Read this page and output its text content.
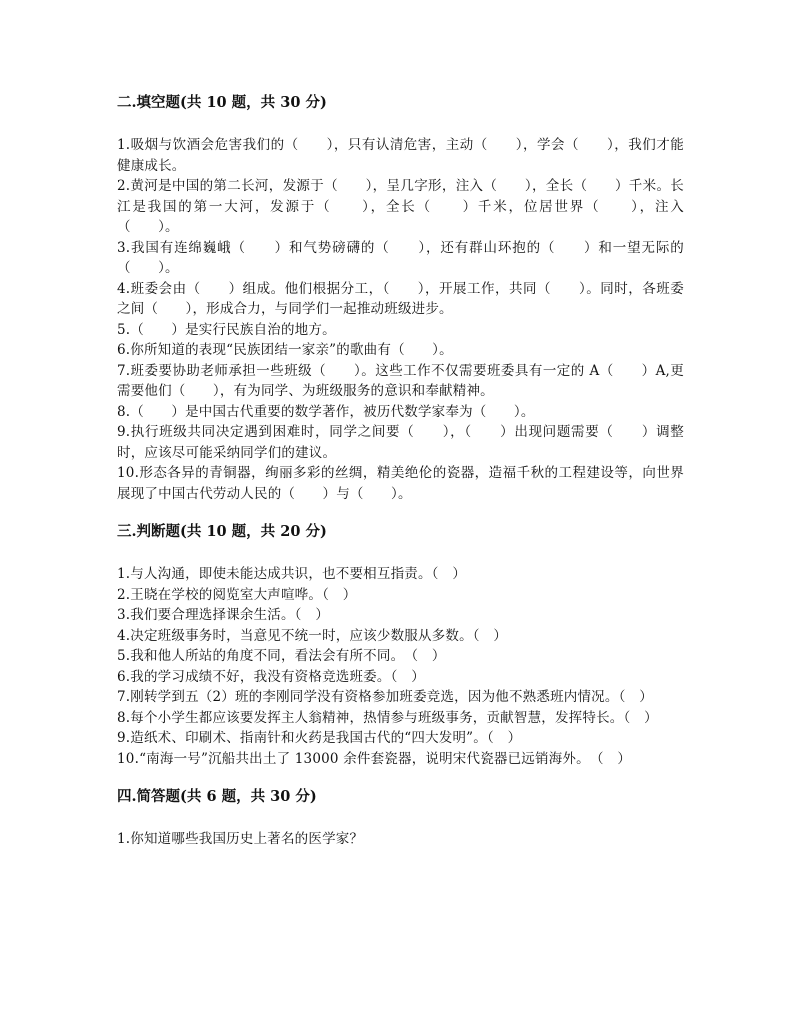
二.填空题(共 10 题，共 30 分)

1.吸烟与饮酒会危害我们的（　　），只有认清危害，主动（　　），学会（　　），我们才能健康成长。

2.黄河是中国的第二长河，发源于（　　），呈几字形，注入（　　），全长（　　）千米。长江是我国的第一大河，发源于（　　），全长（　　）千米，位居世界（　　），注入（　　）。

3.我国有连绵巍峨（　　）和气势磅礴的（　　），还有群山环抱的（　　）和一望无际的（　　）。

4.班委会由（　　）组成。他们根据分工，（　　），开展工作，共同（　　）。同时，各班委之间（　　），形成合力，与同学们一起推动班级进步。

5.（　　）是实行民族自治的地方。

6.你所知道的表现“民族团结一家亲”的歌曲有（　　）。

7.班委要协助老师承担一些班级（　　）。这些工作不仅需要班委具有一定的 A（　　）A,更需要他们（　　），有为同学、为班级服务的意识和奉献精神。

8.（　　）是中国古代重要的数学著作，被历代数学家奉为（　　）。

9.执行班级共同决定遇到困难时，同学之间要（　　），（　　）出现问题需要（　　）调整时，应该尽可能采纳同学们的建议。

10.形态各异的青铜器，绚丽多彩的丝绸，精美绝伦的瓷器，造福千秋的工程建设等，向世界展现了中国古代劳动人民的（　　）与（　　）。

三.判断题(共 10 题，共 20 分)

1.与人沟通，即使未能达成共识，也不要相互指责。（　）

2.王晓在学校的阅览室大声喧哗。（　）

3.我们要合理选择课余生活。（　）

4.决定班级事务时，当意见不统一时，应该少数服从多数。（　）

5.我和他人所站的角度不同，看法会有所不同。　（　）

6.我的学习成绩不好，我没有资格竞选班委。（　）

7.刚转学到五（2）班的李刚同学没有资格参加班委竞选，因为他不熟悉班内情况。（　）

8.每个小学生都应该要发挥主人翁精神，热情参与班级事务，贡献智慧，发挥特长。（　）

9.造纸术、印刷术、指南针和火药是我国古代的“四大发明”。（　）

10.“南海一号”沉船共出土了 13000 余件套瓷器，说明宋代瓷器已远销海外。　（　）

四.简答题(共 6 题，共 30 分)

1.你知道哪些我国历史上著名的医学家？
